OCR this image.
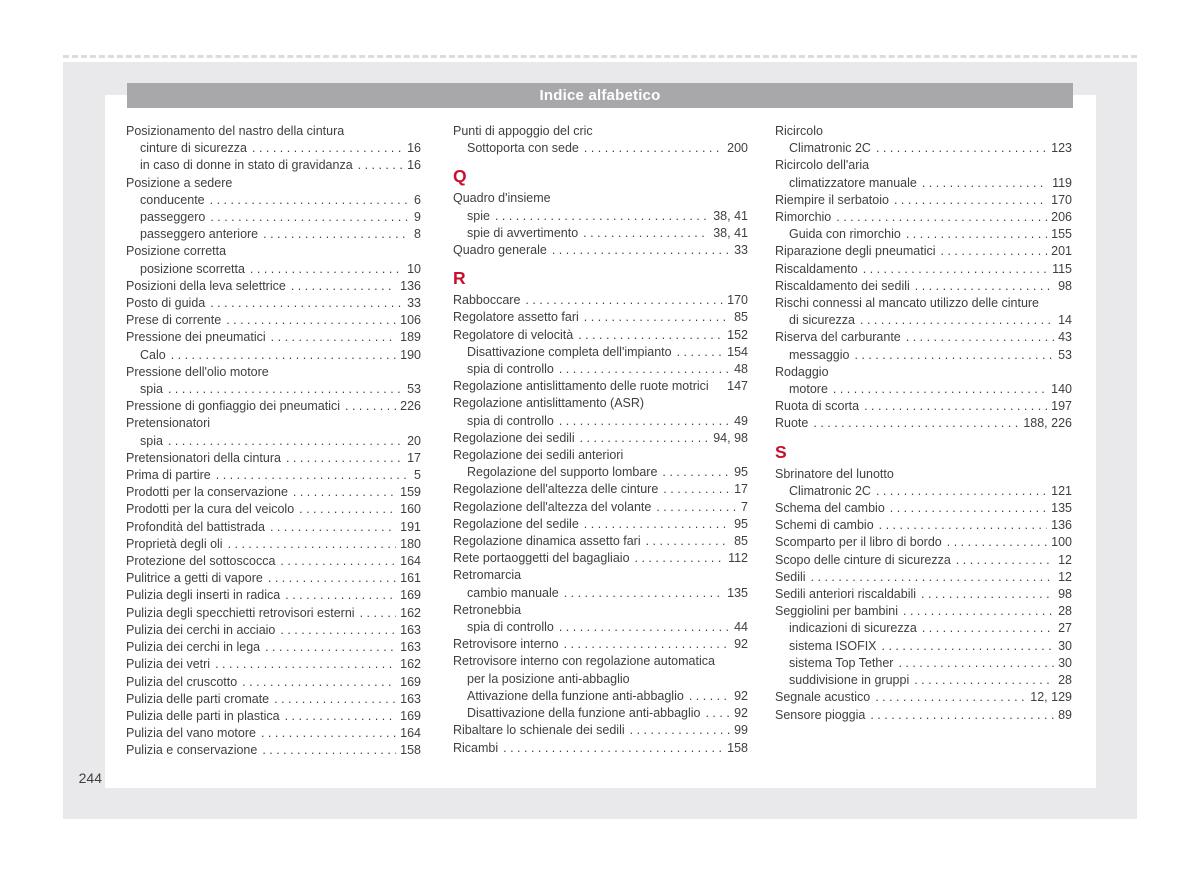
Indice alfabetico
244
Posizionamento del nastro della cintura
cinture di sicurezza . . .	16
in caso di donne in stato di gravidanza . . .	16
Posizione a sedere
conducente . . .	6
passeggero . . .	9
passeggero anteriore . . .	8
Posizione corretta
posizione scorretta . . .	10
Posizioni della leva selettrice . . .	136
Posto di guida . . .	33
Prese di corrente . . .	106
Pressione dei pneumatici . . .	189
Calo . . .	190
Pressione dell'olio motore
spia . . .	53
Pressione di gonfiaggio dei pneumatici . . .	226
Pretensionatori
spia . . .	20
Pretensionatori della cintura . . .	17
Prima di partire . . .	5
Prodotti per la conservazione . . .	159
Prodotti per la cura del veicolo . . .	160
Profondità del battistrada . . .	191
Proprietà degli oli . . .	180
Protezione del sottoscocca . . .	164
Pulitrice a getti di vapore . . .	161
Pulizia degli inserti in radica . . .	169
Pulizia degli specchietti retrovisori esterni . . .	162
Pulizia dei cerchi in acciaio . . .	163
Pulizia dei cerchi in lega . . .	163
Pulizia dei vetri . . .	162
Pulizia del cruscotto . . .	169
Pulizia delle parti cromate . . .	163
Pulizia delle parti in plastica . . .	169
Pulizia del vano motore . . .	164
Pulizia e conservazione . . .	158
Punti di appoggio del cric
Sottoporta con sede . . .	200
Q
Quadro d'insieme
spie . . .	38, 41
spie di avvertimento . . .	38, 41
Quadro generale . . .	33
R
Rabboccare . . .	170
Regolatore assetto fari . . .	85
Regolatore di velocità . . .	152
Disattivazione completa dell'impianto . . .	154
spia di controllo . . .	48
Regolazione antislittamento delle ruote motrici 147
Regolazione antislittamento (ASR)
spia di controllo . . .	49
Regolazione dei sedili . . .	94, 98
Regolazione dei sedili anteriori
Regolazione del supporto lombare . . .	95
Regolazione dell'altezza delle cinture . . .	17
Regolazione dell'altezza del volante . . .	7
Regolazione del sedile . . .	95
Regolazione dinamica assetto fari . . .	85
Rete portaoggetti del bagagliaio . . .	112
Retromarcia
cambio manuale . . .	135
Retronebbia
spia di controllo . . .	44
Retrovisore interno . . .	92
Retrovisore interno con regolazione automatica
per la posizione anti-abbaglio
Attivazione della funzione anti-abbaglio . . .	92
Disattivazione della funzione anti-abbaglio . . .	92
Ribaltare lo schienale dei sedili . . .	99
Ricambi . . .	158
Ricircolo
Climatronic 2C . . .	123
Ricircolo dell'aria
climatizzatore manuale . . .	119
Riempire il serbatoio . . .	170
Rimorchio . . .	206
Guida con rimorchio . . .	155
Riparazione degli pneumatici . . .	201
Riscaldamento . . .	115
Riscaldamento dei sedili . . .	98
Rischi connessi al mancato utilizzo delle cinture
di sicurezza . . .	14
Riserva del carburante . . .	43
messaggio . . .	53
Rodaggio
motore . . .	140
Ruota di scorta . . .	197
Ruote . . .	188, 226
S
Sbrinatore del lunotto
Climatronic 2C . . .	121
Schema del cambio . . .	135
Schemi di cambio . . .	136
Scomparto per il libro di bordo . . .	100
Scopo delle cinture di sicurezza . . .	12
Sedili . . .	12
Sedili anteriori riscaldabili . . .	98
Seggiolini per bambini . . .	28
indicazioni di sicurezza . . .	27
sistema ISOFIX . . .	30
sistema Top Tether . . .	30
suddivisione in gruppi . . .	28
Segnale acustico . . .	12, 129
Sensore pioggia . . .	89
